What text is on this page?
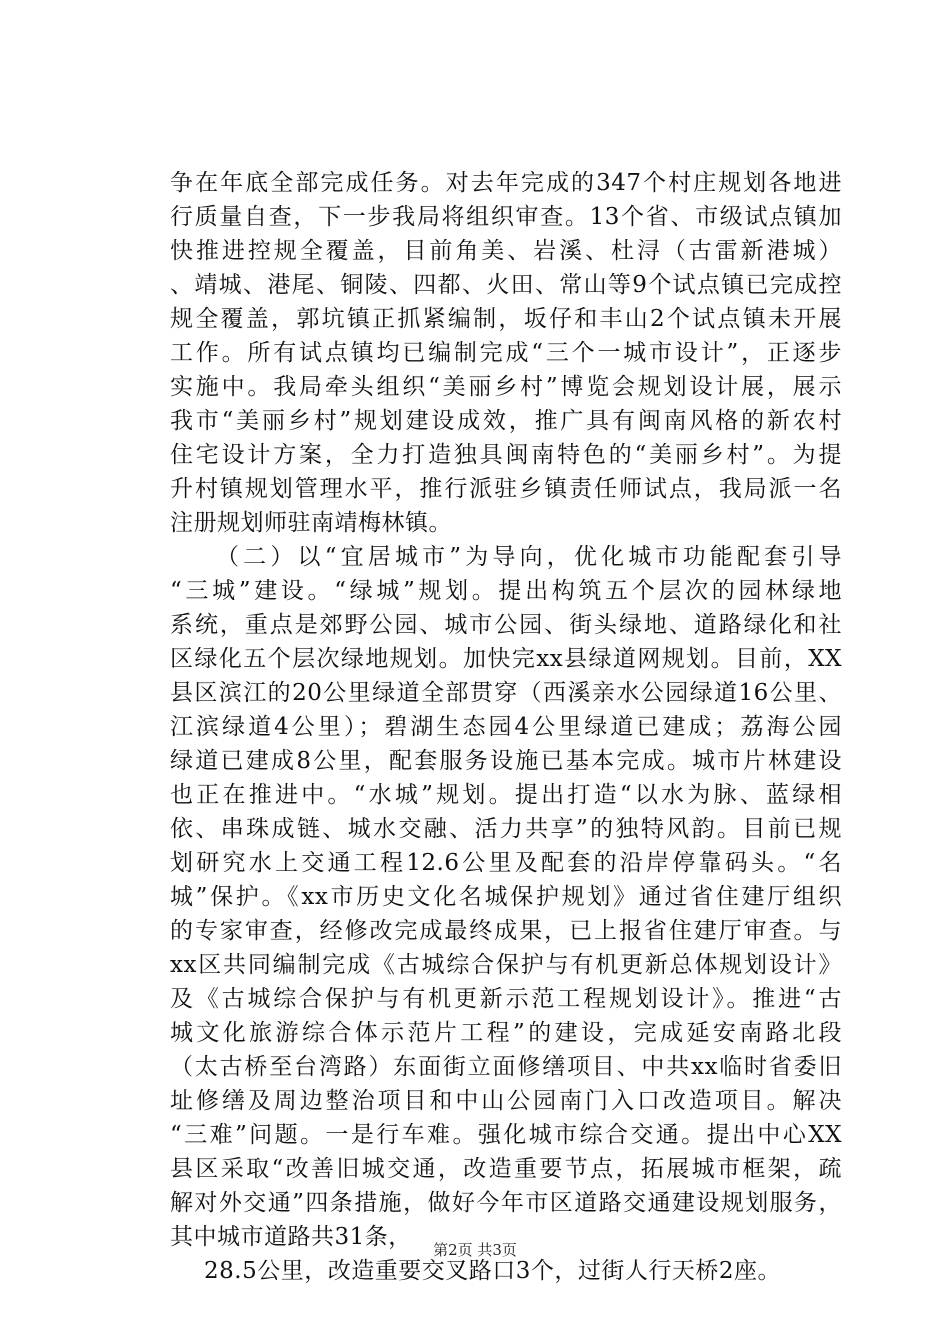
争在年底全部完成任务。对去年完成的347个村庄规划各地进
行质量自查，下一步我局将组织审查。13个省、市级试点镇加
快推进控规全覆盖，目前角美、岩溪、杜浔（古雷新港城）
、靖城、港尾、铜陵、四都、火田、常山等9个试点镇已完成控
规全覆盖，郭坑镇正抓紧编制，坂仔和丰山2个试点镇未开展
工作。所有试点镇均已编制完成“三个一城市设计”，正逐步
实施中。我局牵头组织“美丽乡村”博览会规划设计展，展示
我市“美丽乡村”规划建设成效，推广具有闽南风格的新农村
住宅设计方案，全力打造独具闽南特色的“美丽乡村”。为提
升村镇规划管理水平，推行派驻乡镇责任师试点，我局派一名
注册规划师驻南靖梅林镇。
（二）以“宜居城市”为导向，优化城市功能配套引导
“三城”建设。“绿城”规划。提出构筑五个层次的园林绿地
系统，重点是郊野公园、城市公园、街头绿地、道路绿化和社
区绿化五个层次绿地规划。加快完xx县绿道网规划。目前，XX
县区滨江的20公里绿道全部贯穿（西溪亲水公园绿道16公里、
江滨绿道4公里）；碧湖生态园4公里绿道已建成；荔海公园
绿道已建成8公里，配套服务设施已基本完成。城市片林建设
也正在推进中。“水城”规划。提出打造“以水为脉、蓝绿相
依、串珠成链、城水交融、活力共享”的独特风韵。目前已规
划研究水上交通工程12.6公里及配套的沿岸停靠码头。“名
城”保护。《xx市历史文化名城保护规划》通过省住建厅组织
的专家审查，经修改完成最终成果，已上报省住建厅审查。与
xx区共同编制完成《古城综合保护与有机更新总体规划设计》
及《古城综合保护与有机更新示范工程规划设计》。推进“古
城文化旅游综合体示范片工程”的建设，完成延安南路北段
（太古桥至台湾路）东面街立面修缮项目、中共xx临时省委旧
址修缮及周边整治项目和中山公园南门入口改造项目。解决
“三难”问题。一是行车难。强化城市综合交通。提出中心XX
县区采取“改善旧城交通，改造重要节点，拓展城市框架，疏
解对外交通”四条措施，做好今年市区道路交通建设规划服务，
其中城市道路共31条，
28.5公里，改造重要交叉路口3个，过街人行天桥2座。
第2页 共3页
